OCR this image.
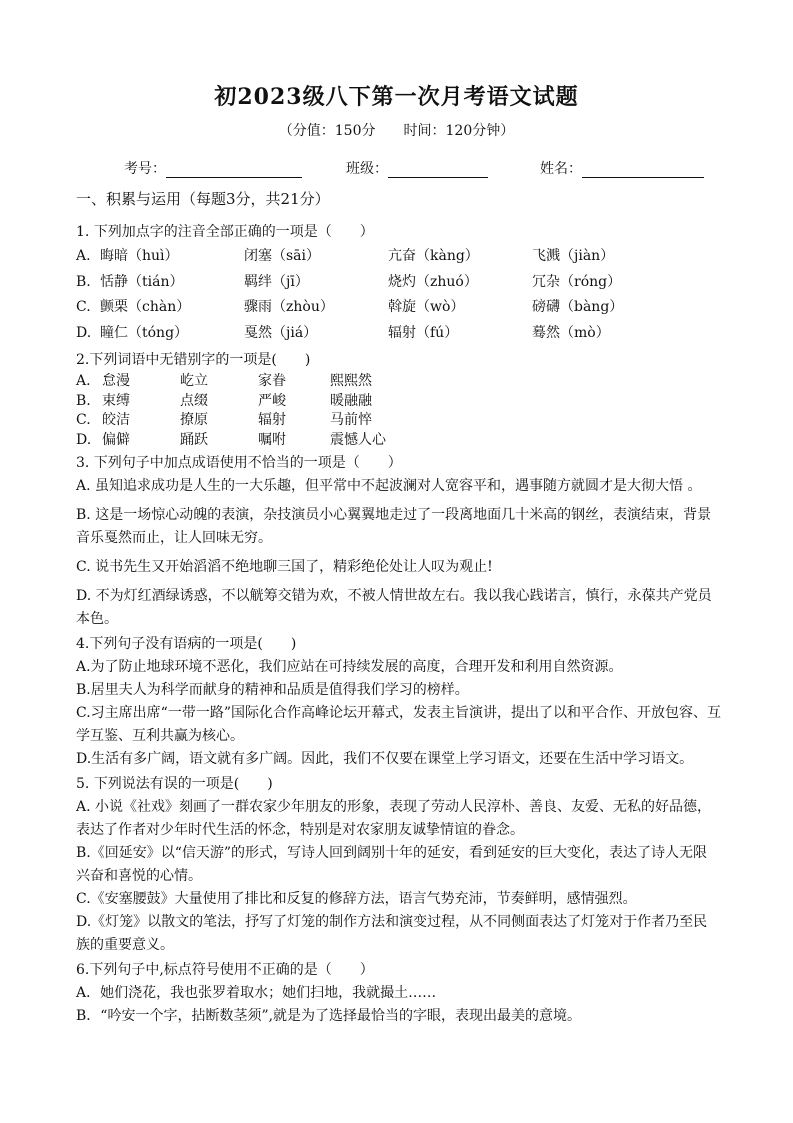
初2023级八下第一次月考语文试题
（分值：150分 时间：120分钟）
考号：	班级：	姓名：
一、积累与运用（每题3分，共21分）
1. 下列加点字的注音全部正确的一项是（　　）
A. 晦暗（huì）	闭塞（sāi）	亢奋（kàng）	飞溅（jiàn）
B. 恬静（tián）	羁绊（jī）	烧灼（zhuó）	冗杂（róng）
C. 颤栗（chàn）	骤雨（zhòu）	斡旋（wò）	磅礴（bàng）
D. 瞳仁（tóng）	戛然（jiá）	辐射（fú）	蓦然（mò）
2.下列词语中无错别字的一项是(　　)
A. 怠漫	屹立	家眷	熙熙然
B. 束缚	点缀	严峻	暖融融
C. 皎洁	撩原	辐射	马前悴
D. 偏僻	踊跃	嘱咐	震憾人心
3. 下列句子中加点成语使用不恰当的一项是（　　）
A. 虽知追求成功是人生的一大乐趣，但平常中不起波澜对人宽容平和，遇事随方就圆才是大彻大悟 。
B. 这是一场惊心动魄的表演，杂技演员小心翼翼地走过了一段离地面几十米高的钢丝，表演结束，背景音乐戛然而止，让人回味无穷。
C. 说书先生又开始滔滔不绝地聊三国了，精彩绝伦处让人叹为观止!
D. 不为灯红酒绿诱惑，不以觥筹交错为欢，不被人情世故左右。我以我心践诺言，慎行，永葆共产党员本色。
4.下列句子没有语病的一项是(　　)
A.为了防止地球环境不恶化，我们应站在可持续发展的高度，合理开发和利用自然资源。
B.居里夫人为科学而献身的精神和品质是值得我们学习的榜样。
C.习主席出席“一带一路”国际化合作高峰论坛开幕式，发表主旨演讲，提出了以和平合作、开放包容、互学互鉴、互利共赢为核心。
D.生活有多广阔，语文就有多广阔。因此，我们不仅要在课堂上学习语文，还要在生活中学习语文。
5. 下列说法有误的一项是(　　)
A. 小说《社戏》刻画了一群农家少年朋友的形象，表现了劳动人民淳朴、善良、友爱、无私的好品德，表达了作者对少年时代生活的怀念，特别是对农家朋友诚挚情谊的眷念。
B.《回延安》以“信天游”的形式，写诗人回到阔别十年的延安，看到延安的巨大变化，表达了诗人无限兴奋和喜悦的心情。
C.《安塞腰鼓》大量使用了排比和反复的修辞方法，语言气势充沛，节奏鲜明，感情强烈。
D.《灯笼》以散文的笔法，抒写了灯笼的制作方法和演变过程，从不同侧面表达了灯笼对于作者乃至民族的重要意义。
6.下列句子中,标点符号使用不正确的是（　　）
A．她们浇花，我也张罗着取水；她们扫地，我就撮土……
B．“吟安一个字，拈断数茎须”,就是为了选择最恰当的字眼，表现出最美的意境。
